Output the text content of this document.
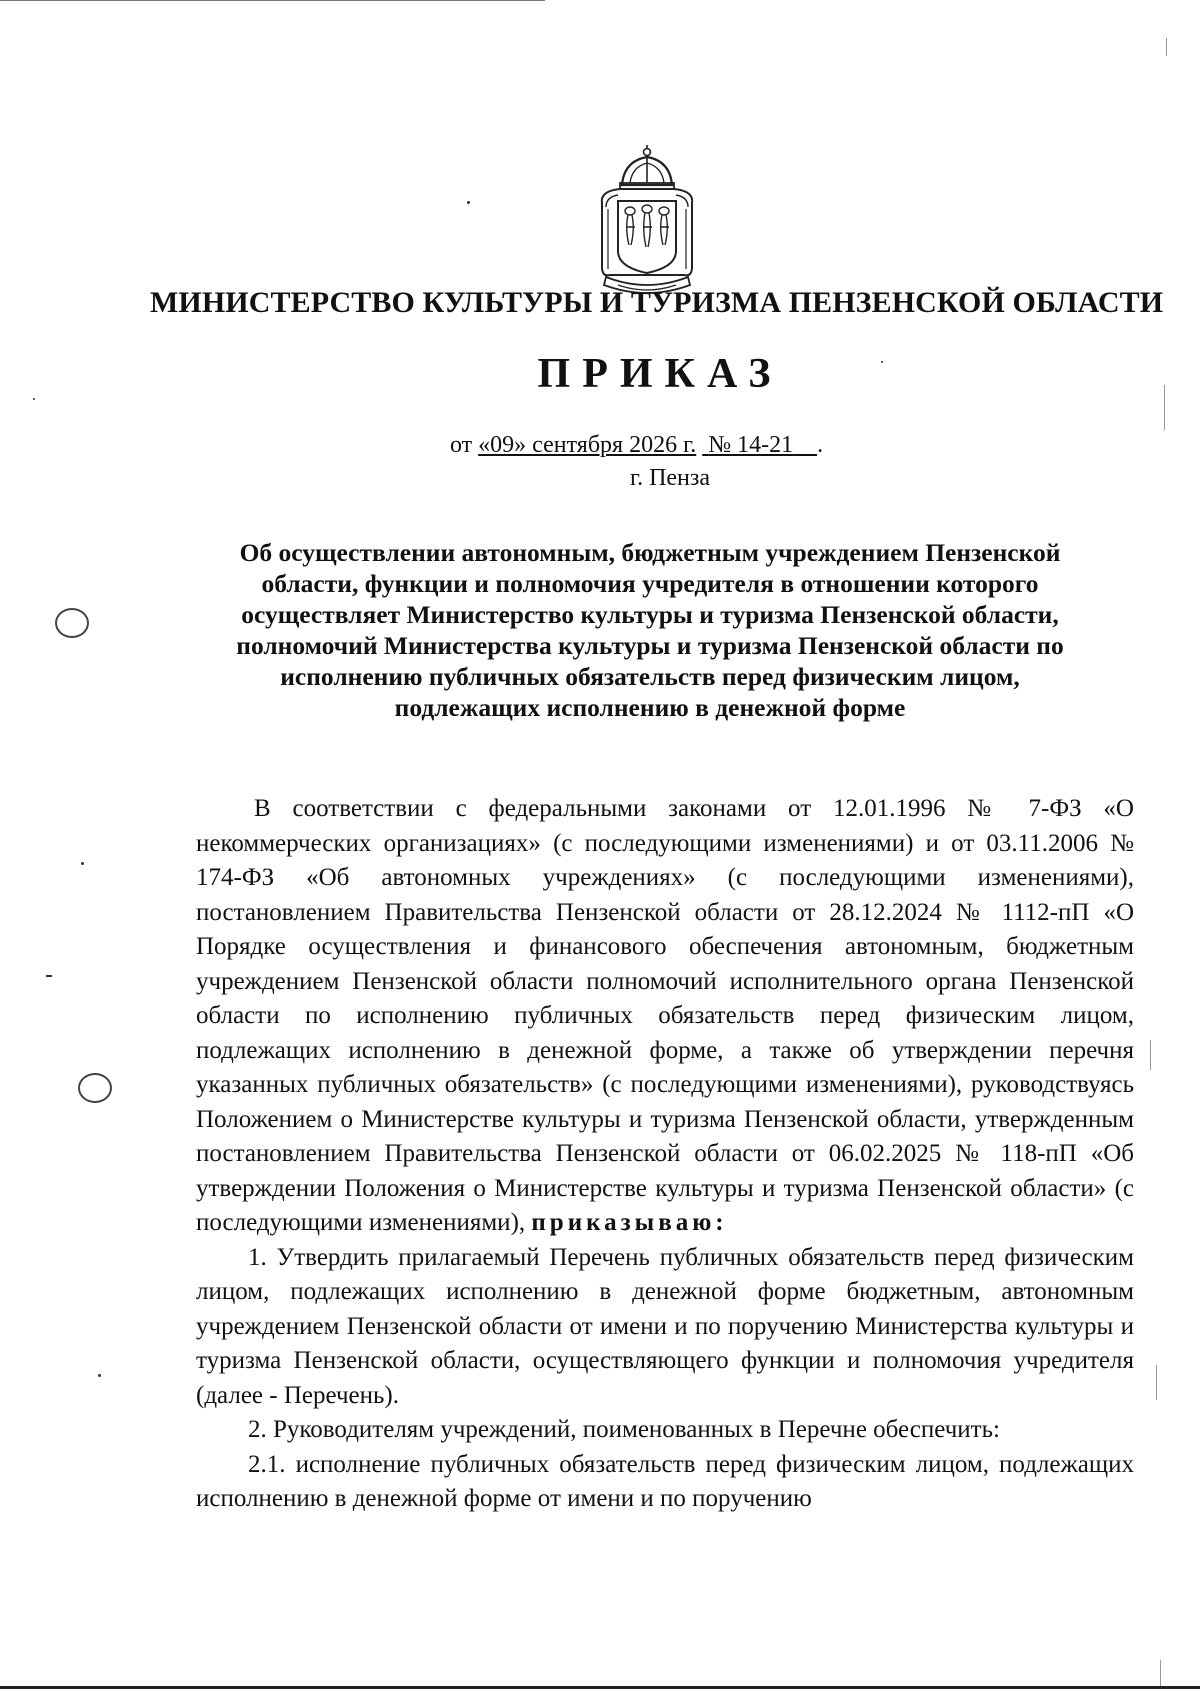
МИНИСТЕРСТВО КУЛЬТУРЫ И ТУРИЗМА ПЕНЗЕНСКОЙ ОБЛАСТИ
ПРИКАЗ
от «09» сентября 2026 г. № 14-21 .
г. Пенза
Об осуществлении автономным, бюджетным учреждением Пензенской
области, функции и полномочия учредителя в отношении которого
осуществляет Министерство культуры и туризма Пензенской области,
полномочий Министерства культуры и туризма Пензенской области по
исполнению публичных обязательств перед физическим лицом,
подлежащих исполнению в денежной форме

В соответствии с федеральными законами от 12.01.1996 № 7-ФЗ «О некоммерческих организациях» (с последующими изменениями) и от 03.11.2006 № 174-ФЗ «Об автономных учреждениях» (с последующими изменениями), постановлением Правительства Пензенской области от 28.12.2024 № 1112-пП «О Порядке осуществления и финансового обеспечения автономным, бюджетным учреждением Пензенской области полномочий исполнительного органа Пензенской области по исполнению публичных обязательств перед физическим лицом, подлежащих исполнению в денежной форме, а также об утверждении перечня указанных публичных обязательств» (с последующими изменениями), руководствуясь Положением о Министерстве культуры и туризма Пензенской области, утвержденным постановлением Правительства Пензенской области от 06.02.2025 № 118-пП «Об утверждении Положения о Министерстве культуры и туризма Пензенской области» (с последующими изменениями), приказываю:

1. Утвердить прилагаемый Перечень публичных обязательств перед физическим лицом, подлежащих исполнению в денежной форме бюджетным, автономным учреждением Пензенской области от имени и по поручению Министерства культуры и туризма Пензенской области, осуществляющего функции и полномочия учредителя (далее - Перечень).

2. Руководителям учреждений, поименованных в Перечне обеспечить:

2.1. исполнение публичных обязательств перед физическим лицом, подлежащих исполнению в денежной форме от имени и по поручению
